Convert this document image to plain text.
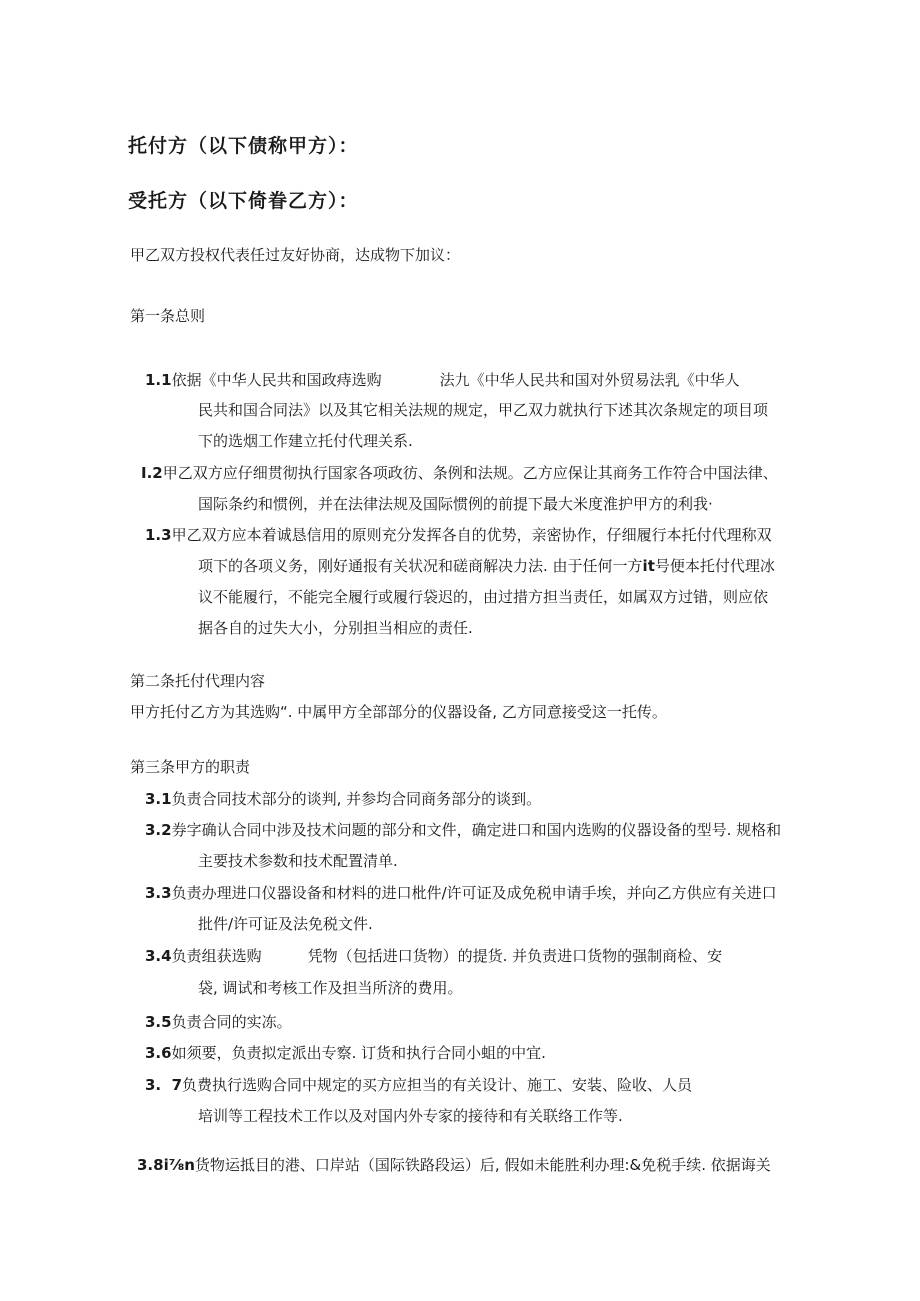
托付方（以下债称甲方）：
受托方（以下倚眷乙方）：
甲乙双方投权代表任过友好协商，达成物下加议：
第一条总则
1.1依据《中华人民共和国政痔选购	法九《中华人民共和国对外贸易法乳《中华人
民共和国合同法》以及其它相关法规的规定，甲乙双力就执行下述其次条规定的项目项
下的选烟工作建立托付代理关系.
I.2甲乙双方应仔细贯彻执行国家各项政彷、条例和法规。乙方应保让其商务工作符合中国法律、
国际条约和惯例，并在法律法规及国际惯例的前提下最大米度淮护甲方的利我·
1.3甲乙双方应本着诚恳信用的原则充分发挥各自的优势，亲密协作，仔细履行本托付代理称双
项下的各项义务，刚好通报有关状况和磋商解决力法. 由于任何一方it号便本托付代理冰
议不能履行，不能完全履行或履行袋迟的，由过措方担当责任，如属双方过错，则应依
据各自的过失大小，分别担当相应的责任.
第二条托付代理内容
甲方托付乙方为其选购“. 中属甲方全部部分的仪器设备, 乙方同意接受这一托传。
第三条甲方的职责
3.1负责合同技术部分的谈判, 并参均合同商务部分的谈到。
3.2券字确认合同中涉及技术问题的部分和文件，确定进口和国内选购的仪器设备的型号. 规格和
主要技术参数和技术配置清单.
3.3负责办理进口仪器设备和材料的进口枇件/许可证及成免税申请手埃，并向乙方供应有关进口
批件/许可证及法免税文件.
3.4负责组获选购	凭物（包括进口货物）的提货. 并负责进口货物的强制商检、安
袋, 调试和考核工作及担当所济的费用。
3.5负责合同的实冻。
3.6如须要，负责拟定派出专察. 订货和执行合同小蛆的中宜.
3.  7负费执行选购合同中规定的买方应担当的有关设计、施工、安装、险收、人员
培训等工程技术工作以及对国内外专家的接待和有关联络工作等.
3.8i⅞n货物运抵目的港、口岸站（国际铁路段运）后, 假如未能胜利办理:&免税手续. 依据诲关
